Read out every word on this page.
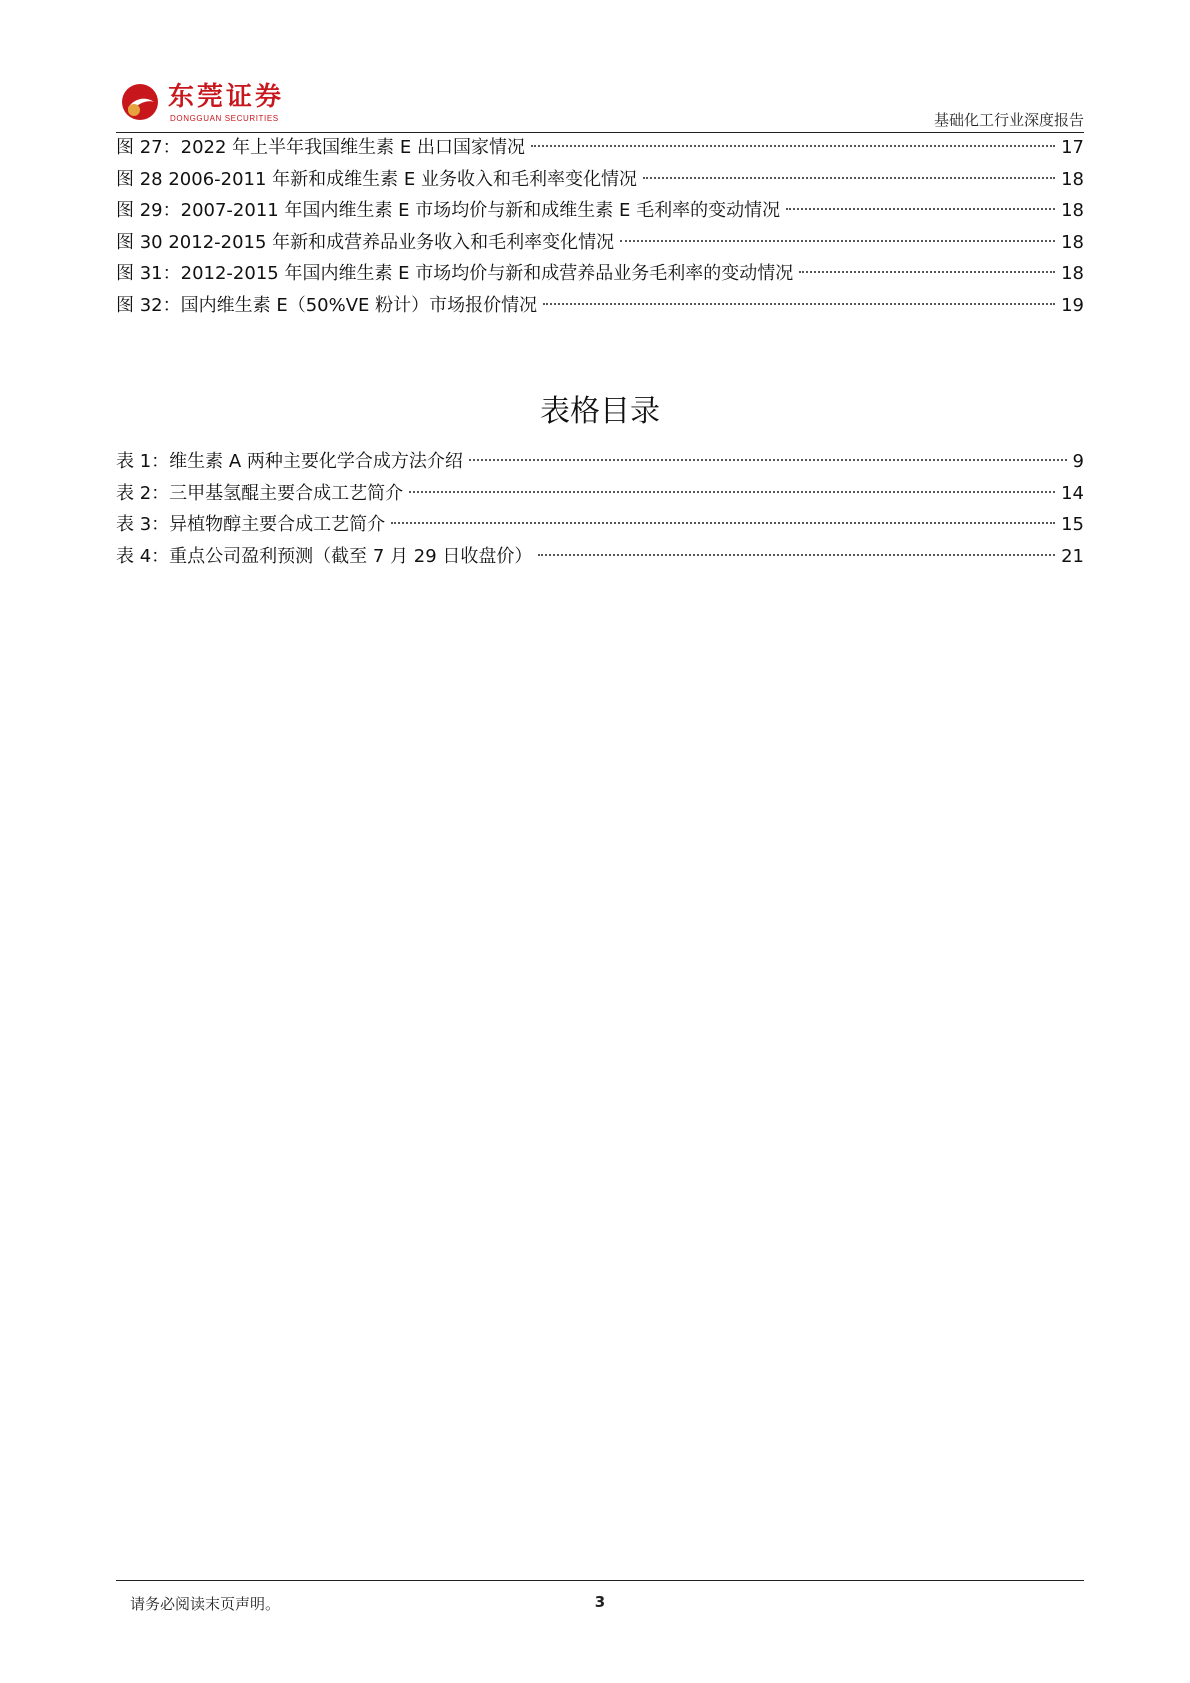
东莞证券
DONGGUAN SECURITIES	基础化工行业深度报告
图 27：2022 年上半年我国维生素 E 出口国家情况	17
图 28 2006-2011 年新和成维生素 E 业务收入和毛利率变化情况	18
图 29：2007-2011 年国内维生素 E 市场均价与新和成维生素 E 毛利率的变动情况	18
图 30 2012-2015 年新和成营养品业务收入和毛利率变化情况	18
图 31：2012-2015 年国内维生素 E 市场均价与新和成营养品业务毛利率的变动情况	18
图 32：国内维生素 E（50%VE 粉计）市场报价情况	19
表格目录
表 1：维生素 A 两种主要化学合成方法介绍	9
表 2：三甲基氢醌主要合成工艺简介	14
表 3：异植物醇主要合成工艺简介	15
表 4：重点公司盈利预测（截至 7 月 29 日收盘价）	21
请务必阅读末页声明。	3
